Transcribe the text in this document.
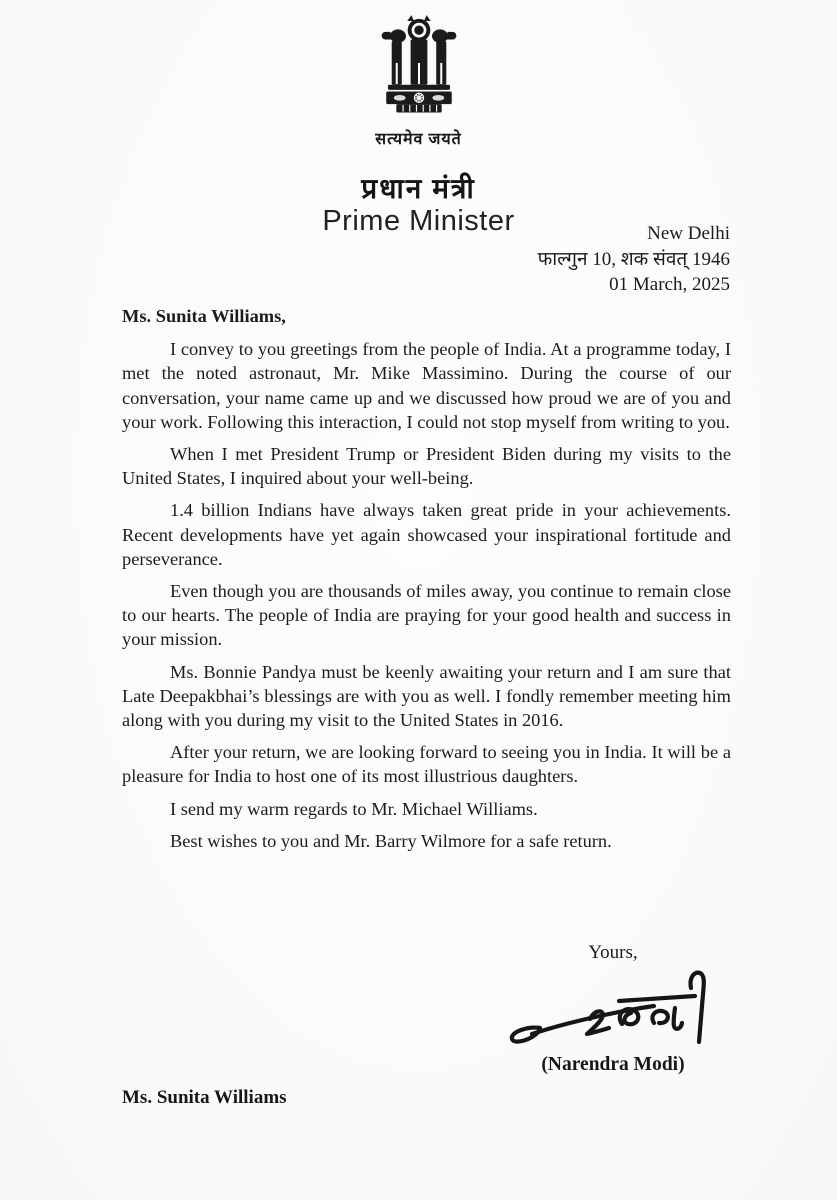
सत्यमेव जयते
प्रधान मंत्री
Prime Minister	New Delhi
फाल्गुन 10, शक संवत् 1946
01 March, 2025

Ms. Sunita Williams,

I convey to you greetings from the people of India. At a programme today, I met the noted astronaut, Mr. Mike Massimino. During the course of our conversation, your name came up and we discussed how proud we are of you and your work. Following this interaction, I could not stop myself from writing to you.

When I met President Trump or President Biden during my visits to the United States, I inquired about your well-being.

1.4 billion Indians have always taken great pride in your achievements. Recent developments have yet again showcased your inspirational fortitude and perseverance.

Even though you are thousands of miles away, you continue to remain close to our hearts. The people of India are praying for your good health and success in your mission.

Ms. Bonnie Pandya must be keenly awaiting your return and I am sure that Late Deepakbhai’s blessings are with you as well. I fondly remember meeting him along with you during my visit to the United States in 2016.

After your return, we are looking forward to seeing you in India. It will be a pleasure for India to host one of its most illustrious daughters.

I send my warm regards to Mr. Michael Williams.

Best wishes to you and Mr. Barry Wilmore for a safe return.

Yours,

(Narendra Modi)
Ms. Sunita Williams
